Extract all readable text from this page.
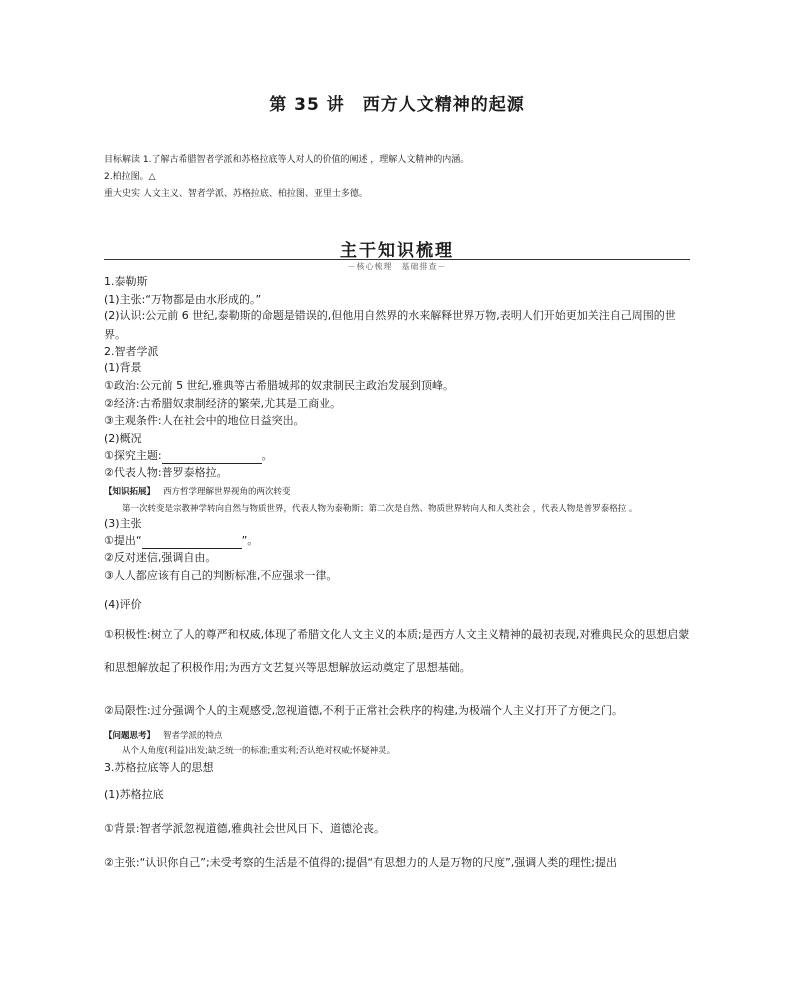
第 35 讲　西方人文精神的起源
目标解读 1.了解古希腊智者学派和苏格拉底等人对人的价值的阐述 ，理解人文精神的内涵。
2.柏拉图。△
重大史实 人文主义、智者学派、苏格拉底、柏拉图、亚里士多德。
主干知识梳理
－核心梳理　基础排查－
1.泰勒斯
(1)主张:“万物都是由水形成的。”
(2)认识:公元前 6 世纪,泰勒斯的命题是错误的,但他用自然界的水来解释世界万物,表明人们开始更加关注自己周围的世界。
2.智者学派
(1)背景
①政治:公元前 5 世纪,雅典等古希腊城邦的奴隶制民主政治发展到顶峰。
②经济:古希腊奴隶制经济的繁荣,尤其是工商业。
③主观条件:人在社会中的地位日益突出。
(2)概况
①探究主题:	。
②代表人物:普罗泰格拉。
【知识拓展】 西方哲学理解世界视角的两次转变
第一次转变是宗教神学转向自然与物质世界，代表人物为泰勒斯；第二次是自然、物质世界转向人和人类社会 ，代表人物是普罗泰格拉 。
(3)主张
①提出“	”。
②反对迷信,强调自由。
③人人都应该有自己的判断标准,不应强求一律。
(4)评价
①积极性:树立了人的尊严和权威,体现了希腊文化人文主义的本质;是西方人文主义精神的最初表现,对雅典民众的思想启蒙和思想解放起了积极作用;为西方文艺复兴等思想解放运动奠定了思想基础。
②局限性:过分强调个人的主观感受,忽视道德,不利于正常社会秩序的构建,为极端个人主义打开了方便之门。
【问题思考】 智者学派的特点
从个人角度(利益)出发;缺乏统一的标准;重实利;否认绝对权威;怀疑神灵。
3.苏格拉底等人的思想
(1)苏格拉底
①背景:智者学派忽视道德,雅典社会世风日下、道德沦丧。
②主张:“认识你自己”;未受考察的生活是不值得的;提倡“有思想力的人是万物的尺度”,强调人类的理性;提出
